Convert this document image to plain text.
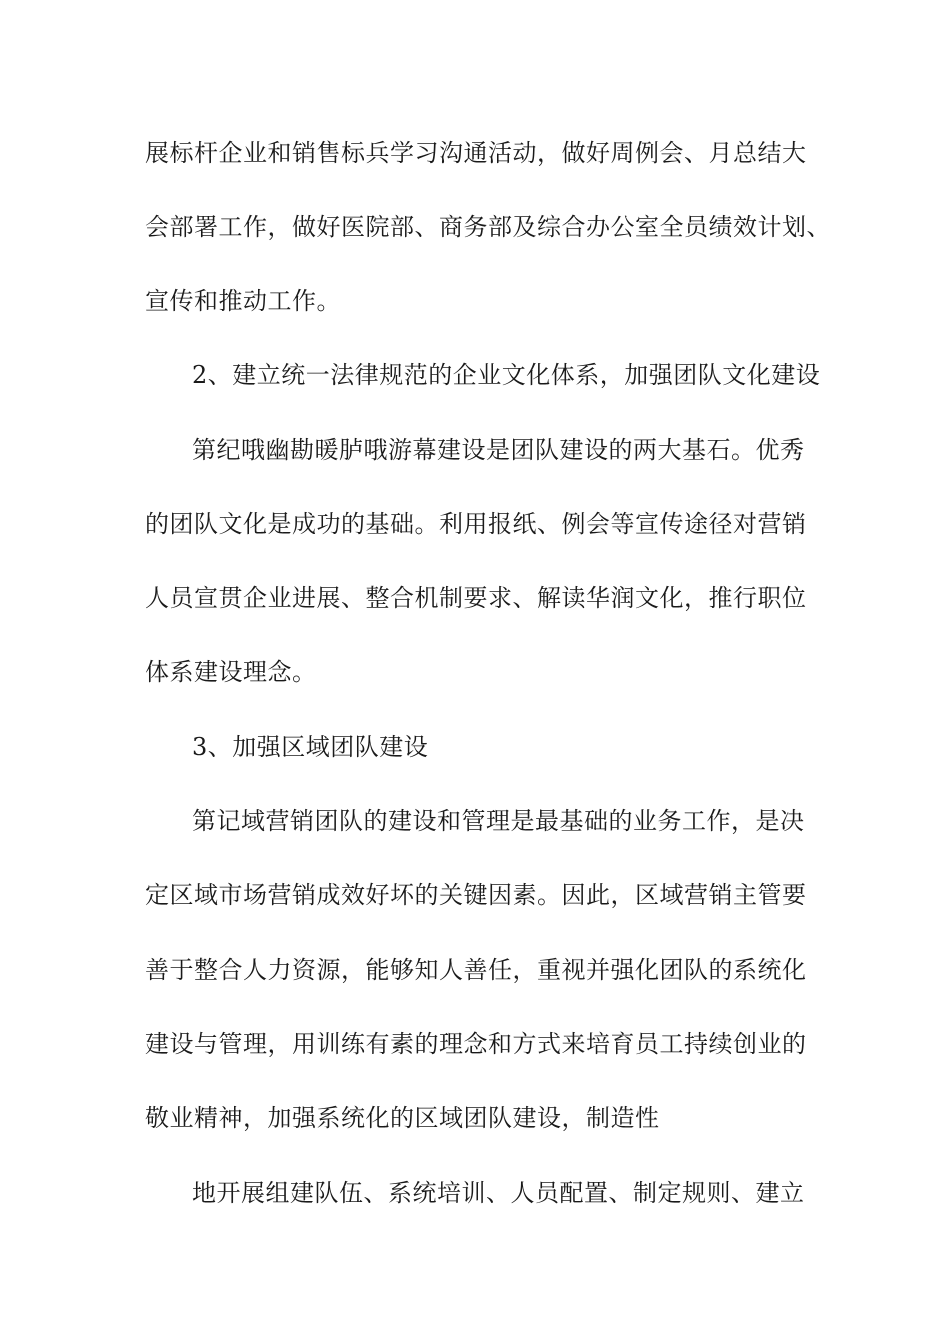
展标杆企业和销售标兵学习沟通活动，做好周例会、月总结大
会部署工作，做好医院部、商务部及综合办公室全员绩效计划、
宣传和推动工作。
2、建立统一法律规范的企业文化体系，加强团队文化建设
第纪哦幽勘暖胪哦游幕建设是团队建设的两大基石。优秀
的团队文化是成功的基础。利用报纸、例会等宣传途径对营销
人员宣贯企业进展、整合机制要求、解读华润文化，推行职位
体系建设理念。
3、加强区域团队建设
第记域营销团队的建设和管理是最基础的业务工作，是决
定区域市场营销成效好坏的关键因素。因此，区域营销主管要
善于整合人力资源，能够知人善任，重视并强化团队的系统化
建设与管理，用训练有素的理念和方式来培育员工持续创业的
敬业精神，加强系统化的区域团队建设，制造性
地开展组建队伍、系统培训、人员配置、制定规则、建立
